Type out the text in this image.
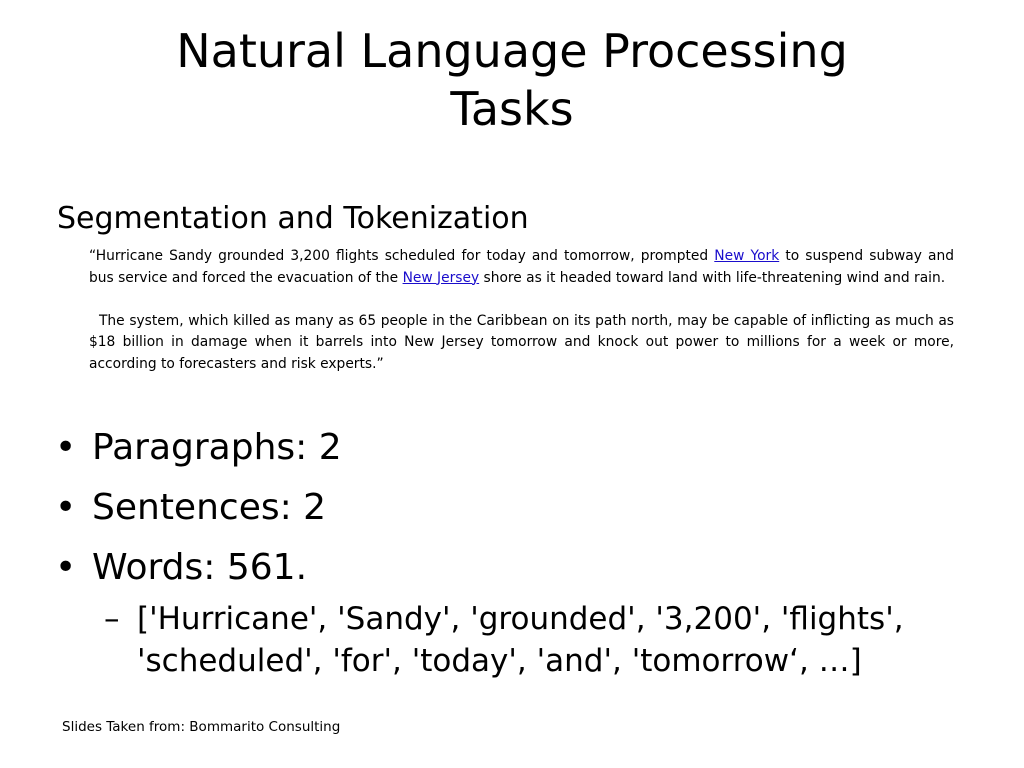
Natural Language Processing
Tasks
Segmentation and Tokenization

“Hurricane Sandy grounded 3,200 flights scheduled for today and tomorrow, prompted New York to suspend subway and bus service and forced the evacuation of the New Jersey shore as it headed toward land with life-threatening wind and rain.

The system, which killed as many as 65 people in the Caribbean on its path north, may be capable of inflicting as much as $18 billion in damage when it barrels into New Jersey tomorrow and knock out power to millions for a week or more, according to forecasters and risk experts.”

• Paragraphs: 2
• Sentences: 2
• Words: 561.
– ['Hurricane', 'Sandy', 'grounded', '3,200', 'flights', 'scheduled', 'for', 'today', 'and', 'tomorrow‘, …]
Slides Taken from: Bommarito Consulting
